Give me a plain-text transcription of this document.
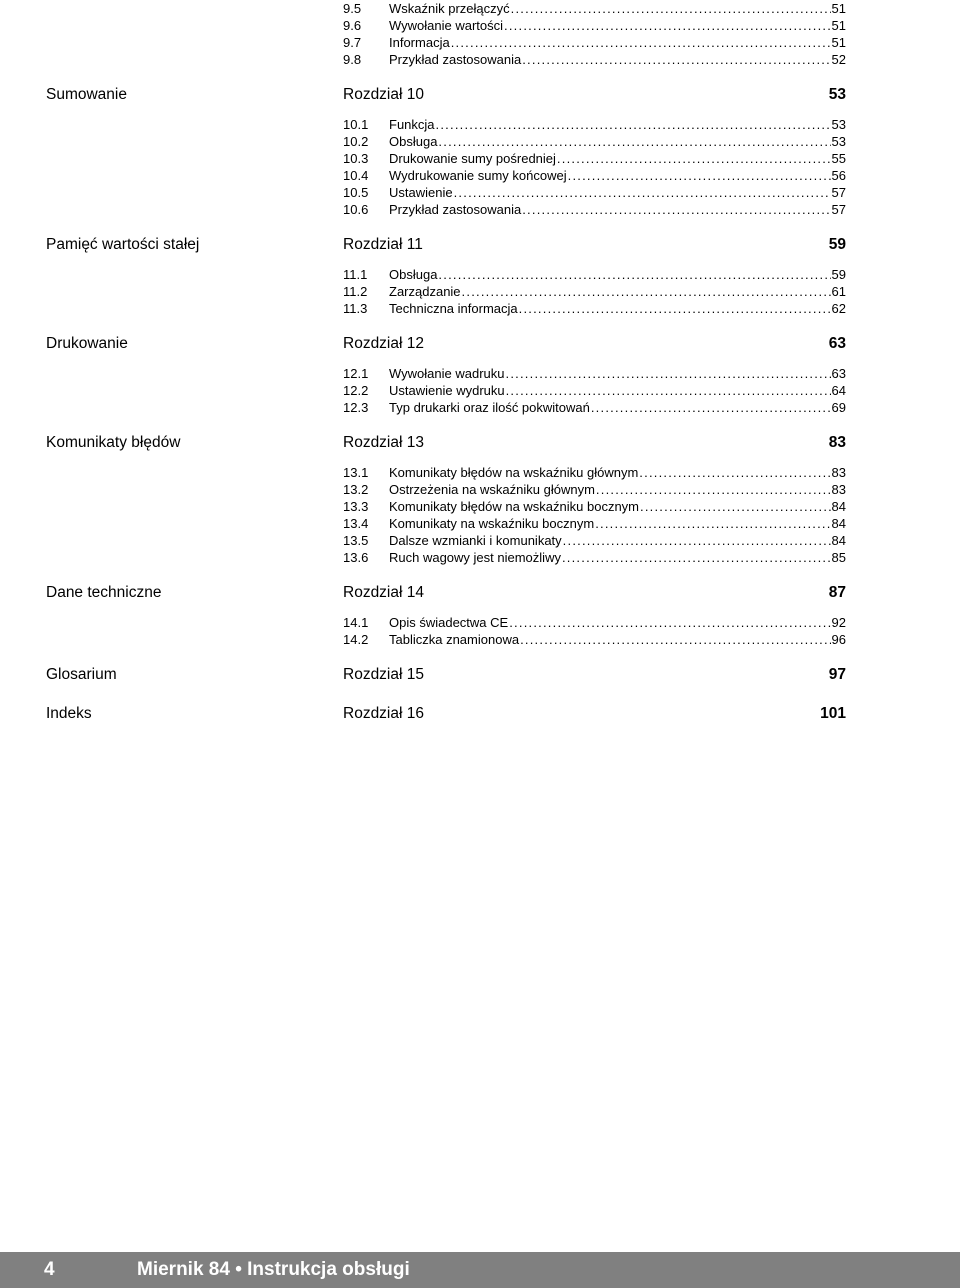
9.5	Wskaźnik przełączyć . . .	51
9.6	Wywołanie wartości . . .	51
9.7	Informacja . . .	51
9.8	Przykład zastosowania . . .	52
Sumowanie	Rozdział 10	53
10.1	Funkcja . . .	53
10.2	Obsługa . . .	53
10.3	Drukowanie sumy pośredniej . . .	55
10.4	Wydrukowanie sumy końcowej . . .	56
10.5	Ustawienie . . .	57
10.6	Przykład zastosowania . . .	57
Pamięć wartości stałej	Rozdział 11	59
11.1	Obsługa . . .	59
11.2	Zarządzanie . . .	61
11.3	Techniczna informacja . . .	62
Drukowanie	Rozdział 12	63
12.1	Wywołanie wadruku . . .	63
12.2	Ustawienie wydruku . . .	64
12.3	Typ drukarki oraz ilość pokwitowań . . .	69
Komunikaty błędów	Rozdział 13	83
13.1	Komunikaty błędów na wskaźniku głównym . . .	83
13.2	Ostrzeżenia na wskaźniku głównym . . .	83
13.3	Komunikaty błędów na wskaźniku bocznym . . .	84
13.4	Komunikaty na wskaźniku bocznym . . .	84
13.5	Dalsze wzmianki i komunikaty . . .	84
13.6	Ruch wagowy jest niemożliwy . . .	85
Dane techniczne	Rozdział 14	87
14.1	Opis świadectwa CE . . .	92
14.2	Tabliczka znamionowa . . .	96
Glosarium	Rozdział 15	97
Indeks	Rozdział 16	101
4	Miernik 84 • Instrukcja obsługi
